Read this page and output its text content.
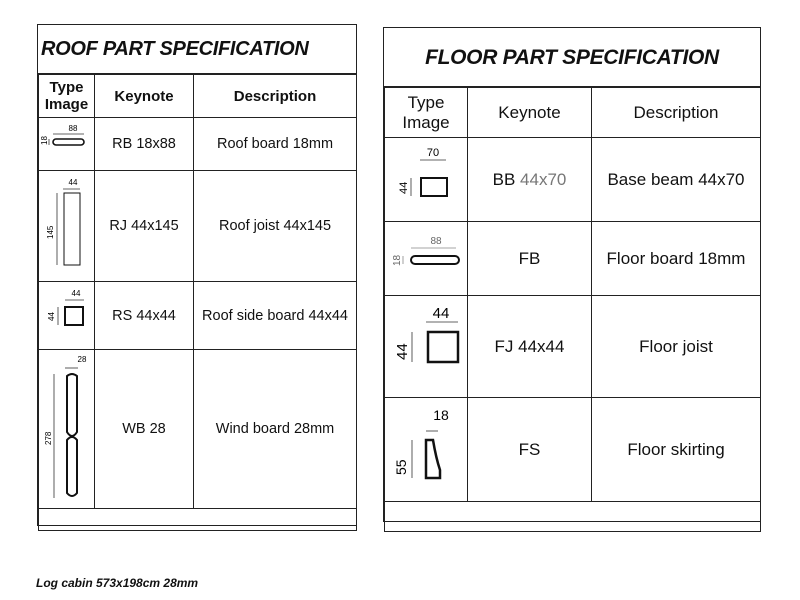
ROOF PART SPECIFICATION
Type Image	Keynote	Description

88
18	RB 18x88	Roof board 18mm

44
145	RJ 44x145	Roof joist 44x145

44
44	RS 44x44	Roof side board 44x44

28
278	WB 28	Wind board 28mm

FLOOR PART SPECIFICATION
Type Image	Keynote	Description

70
44	BB 44x70	Base beam 44x70

88
18	FB	Floor board 18mm

44
44	FJ 44x44	Floor joist

18
55	FS	Floor skirting

Log cabin 573x198cm 28mm
